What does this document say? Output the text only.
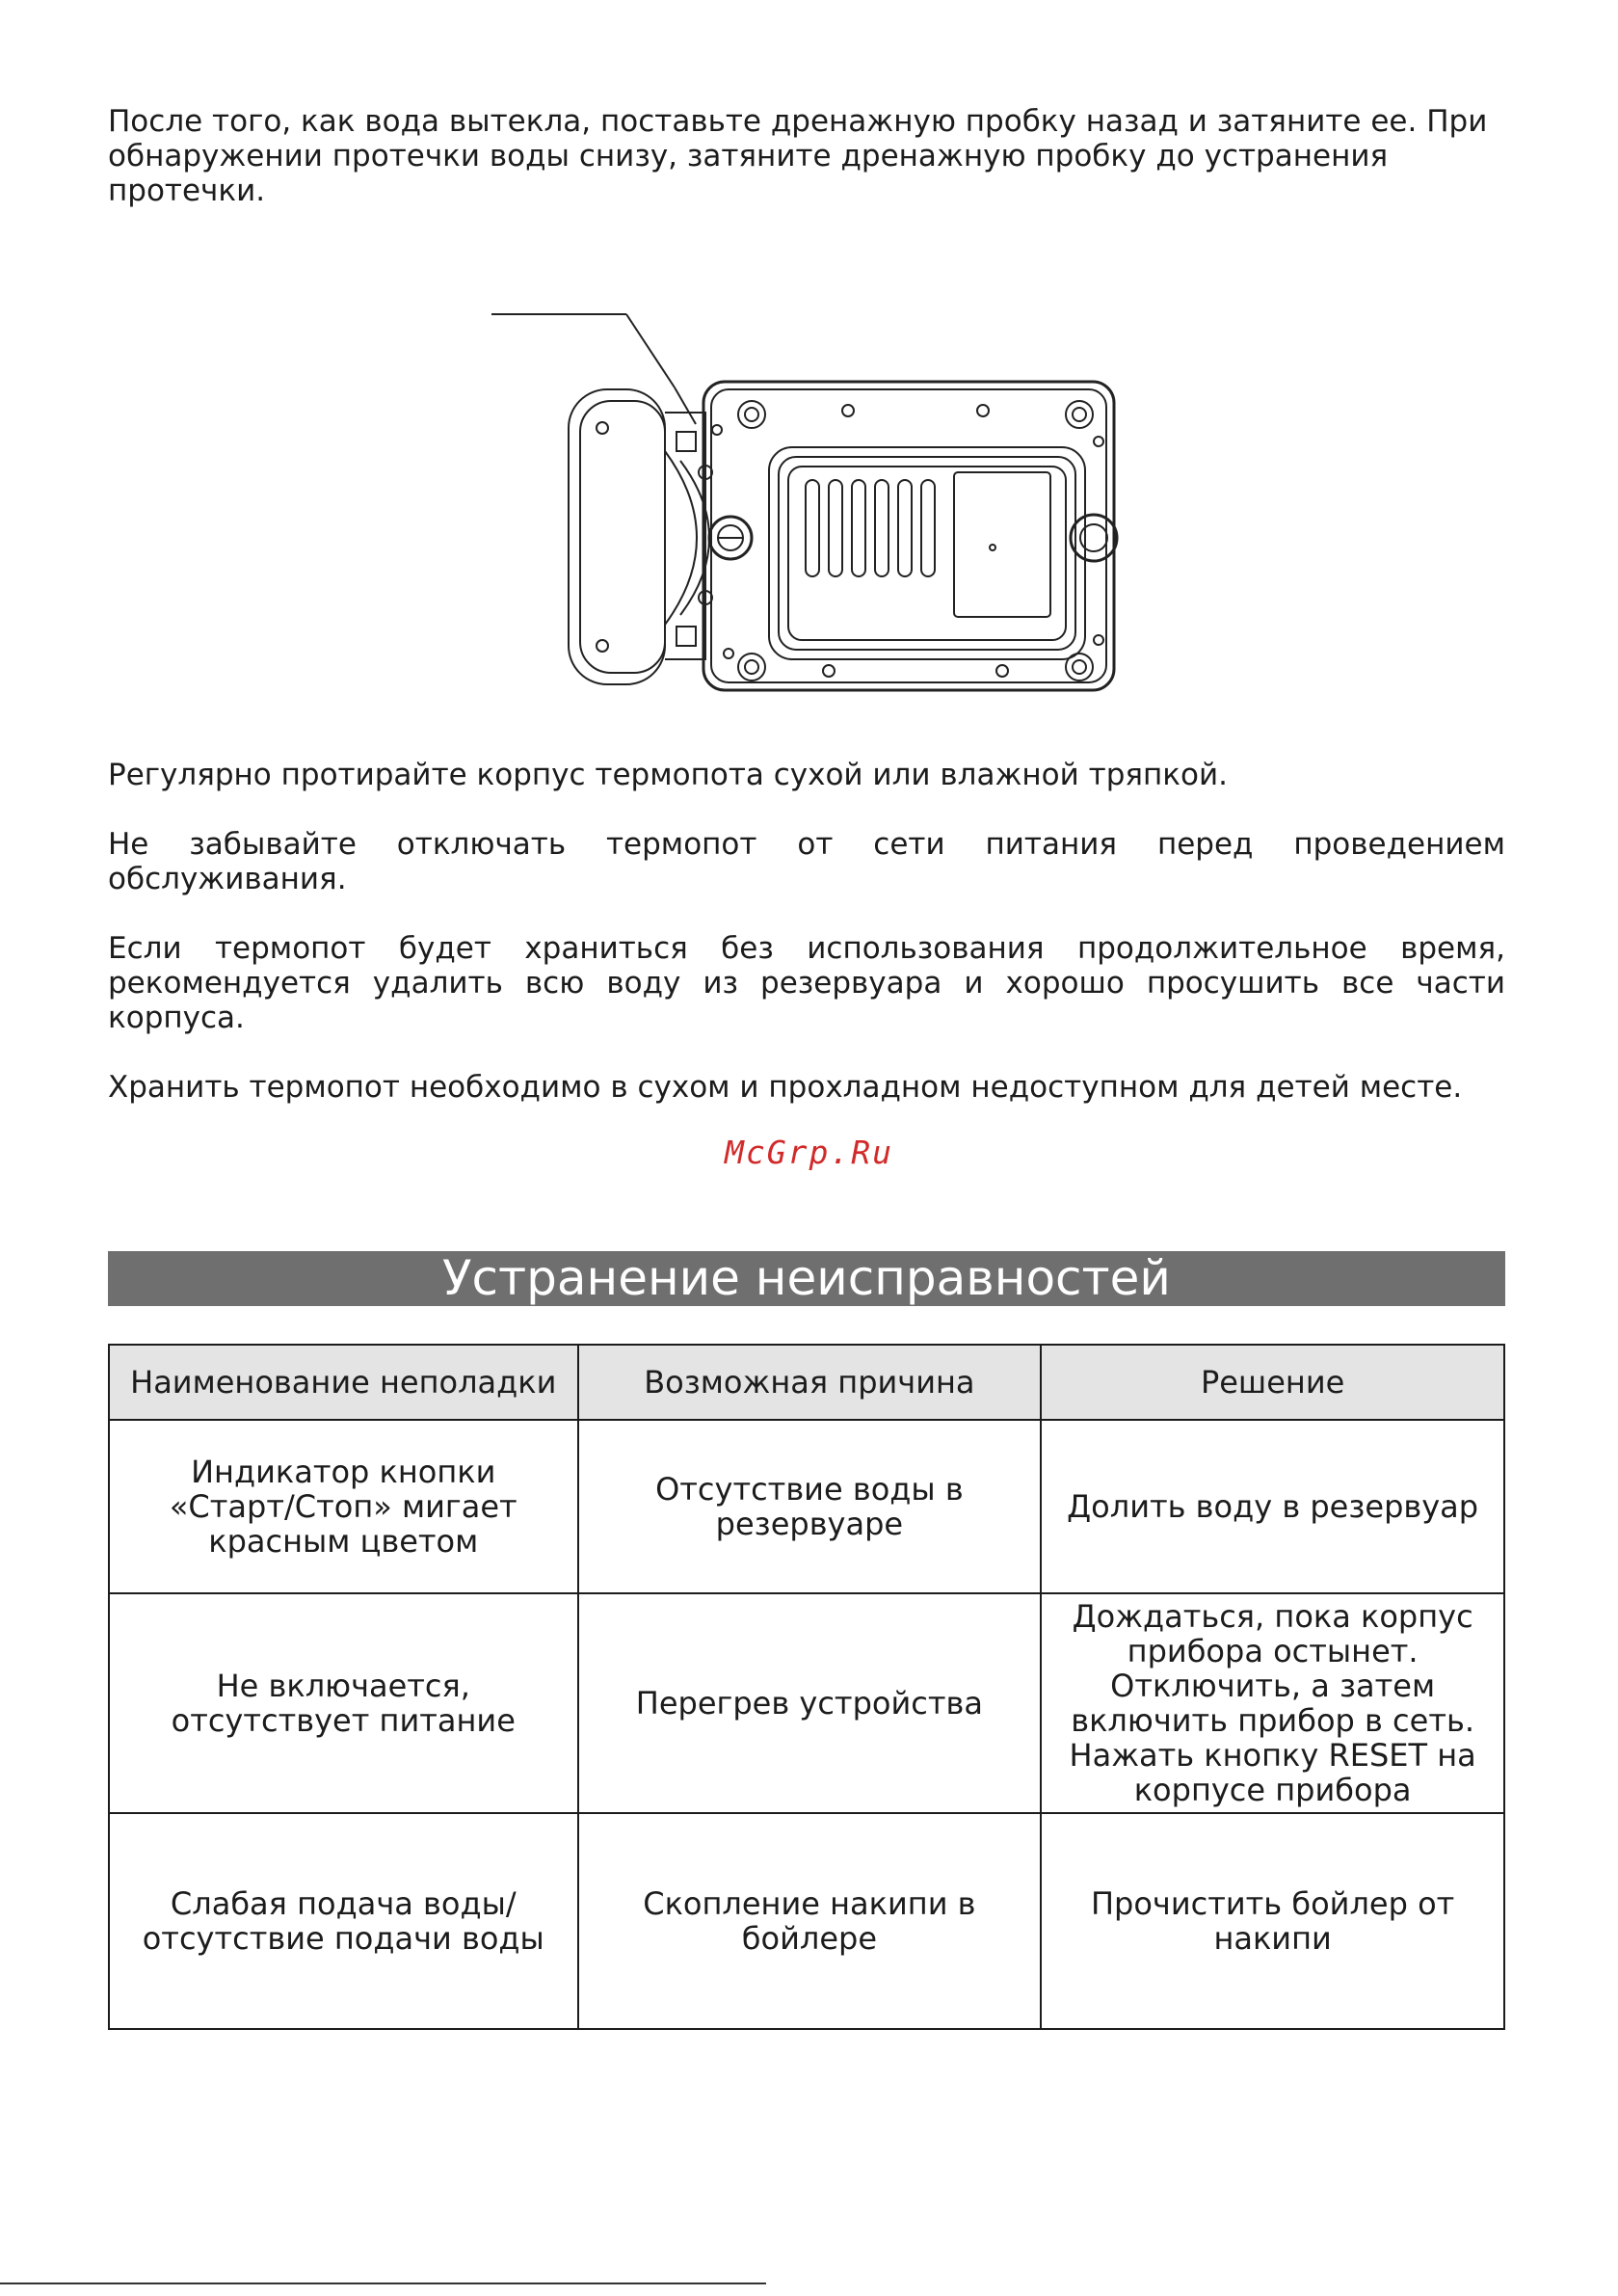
После того, как вода вытекла, поставьте дренажную пробку назад и затяните ее. При обнаружении протечки воды снизу, затяните дренажную пробку до устранения протечки.

Регулярно протирайте корпус термопота сухой или влажной тряпкой.

Не забывайте отключать термопот от сети питания перед проведением обслуживания.

Если термопот будет храниться без использования продолжительное время, рекомендуется удалить всю воду из резервуара и хорошо просушить все части корпуса.

Хранить термопот необходимо в сухом и прохладном недоступном для детей месте.

McGrp.Ru
Устранение неисправностей
Наименование неполадки	Возможная причина	Решение
Индикатор кнопки «Старт/Стоп» мигает красным цветом	Отсутствие воды в резервуаре	Долить воду в резервуар
Не включается, отсутствует питание	Перегрев устройства	Дождаться, пока корпус прибора остынет. Отключить, а затем включить прибор в сеть. Нажать кнопку RESET на корпусе прибора
Слабая подача воды/отсутствие подачи воды	Скопление накипи в бойлере	Прочистить бойлер от накипи
